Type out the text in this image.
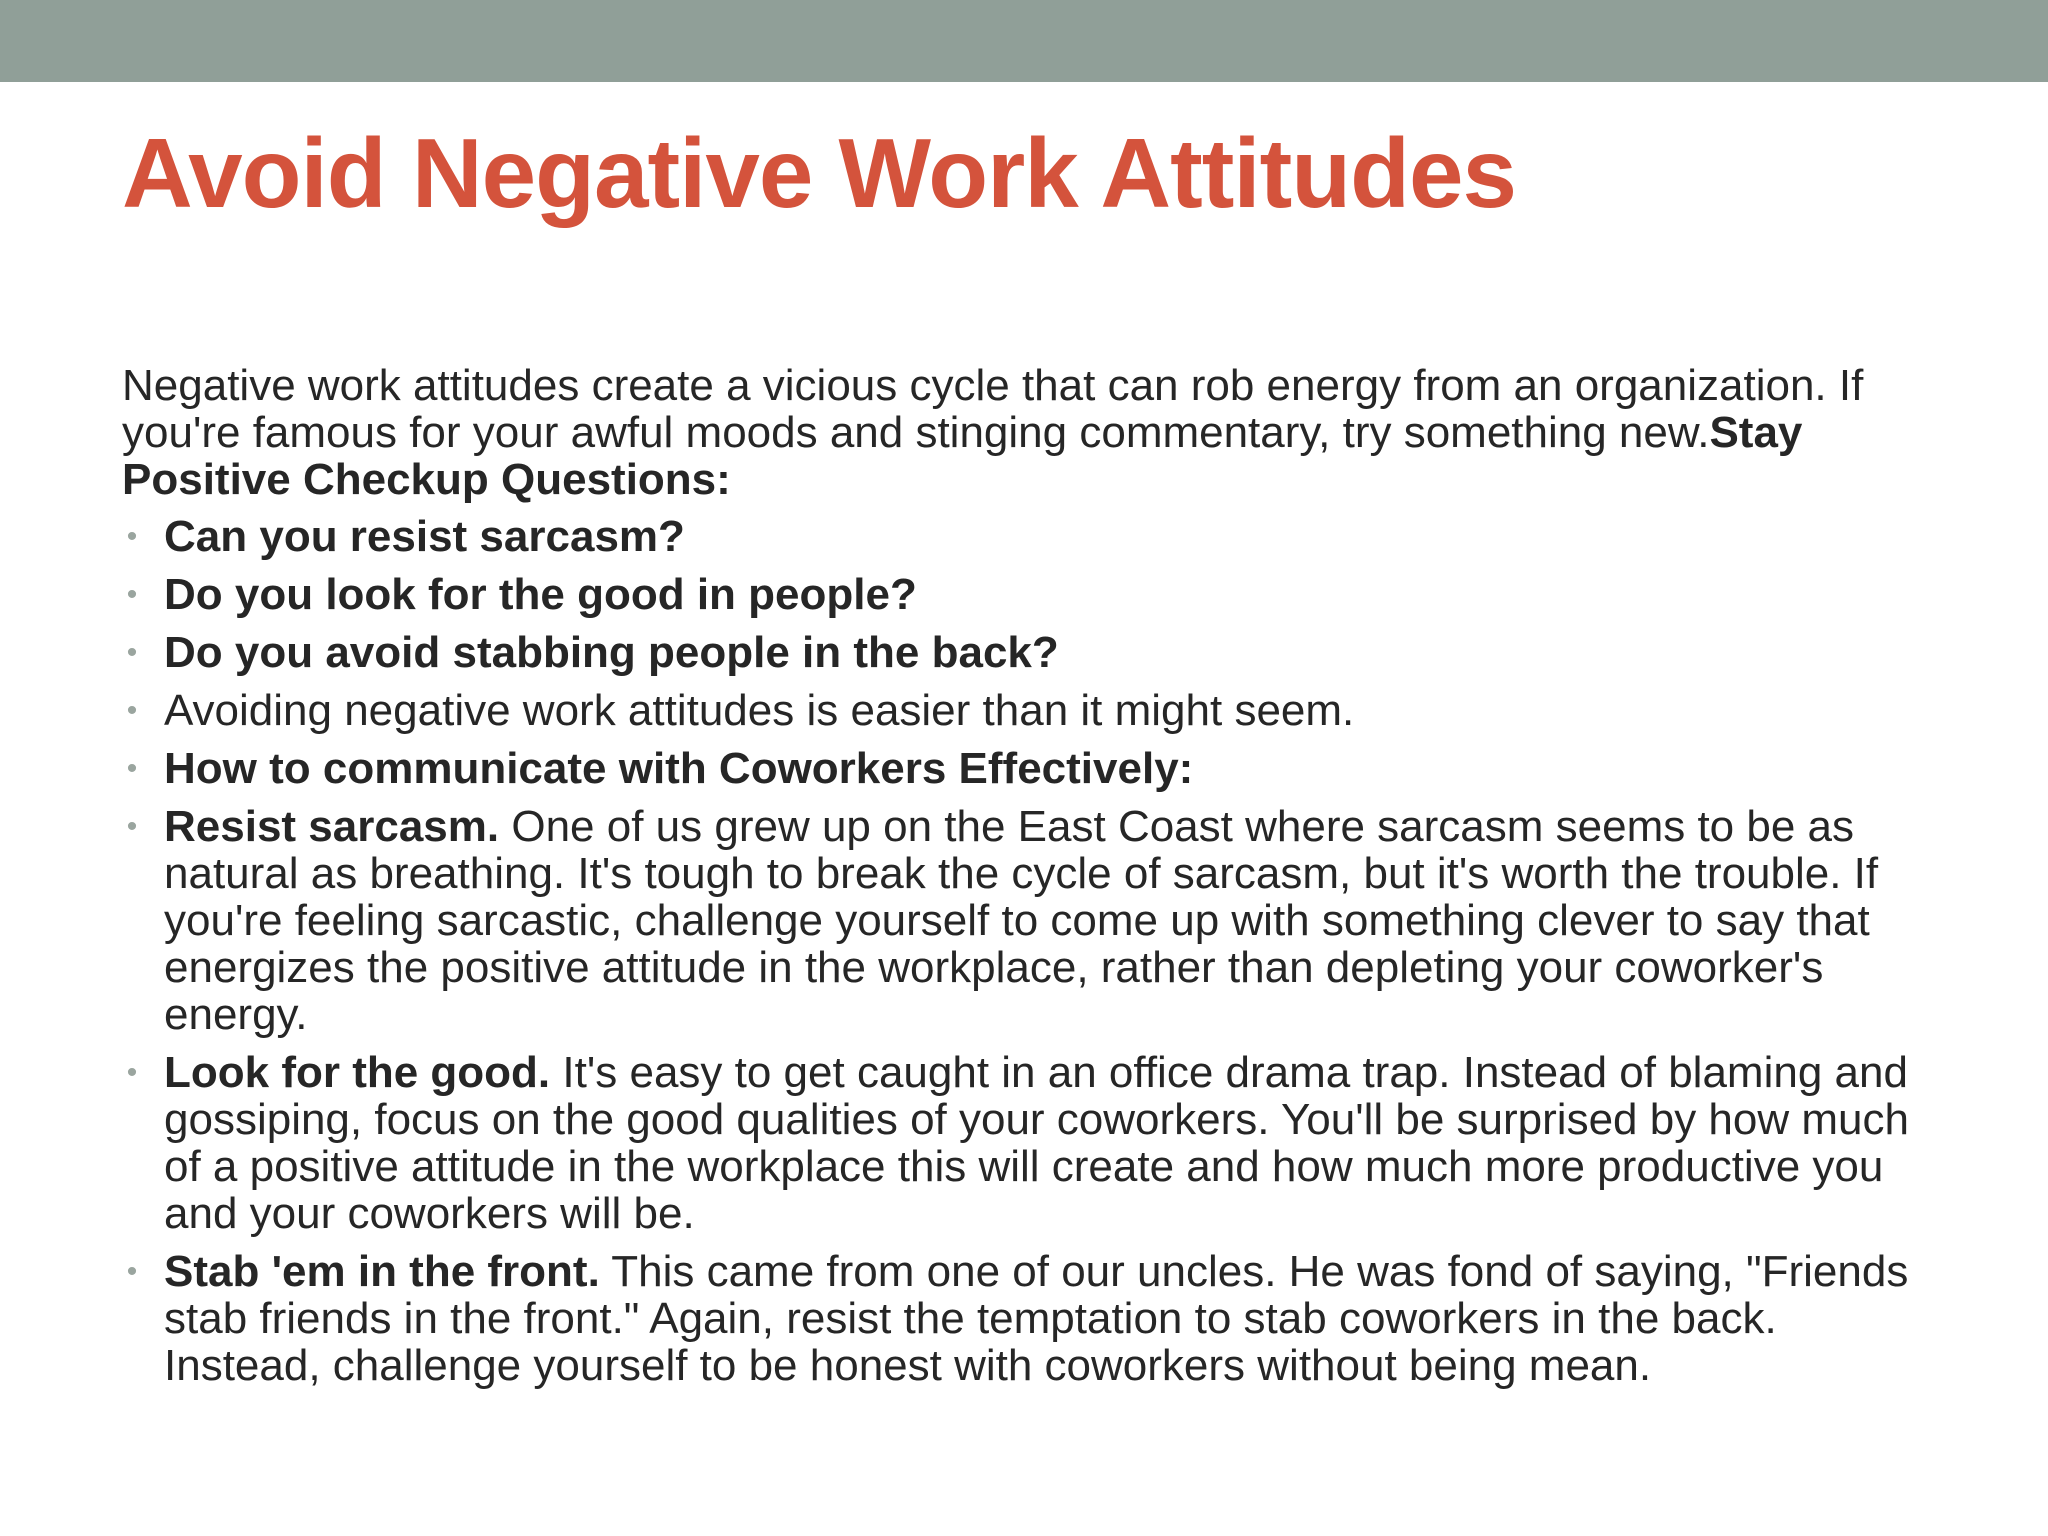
Avoid Negative Work Attitudes

Negative work attitudes create a vicious cycle that can rob energy from an organization. If you're famous for your awful moods and stinging commentary, try something new.Stay Positive Checkup Questions:

• Can you resist sarcasm?
• Do you look for the good in people?
• Do you avoid stabbing people in the back?
• Avoiding negative work attitudes is easier than it might seem.
• How to communicate with Coworkers Effectively:
• Resist sarcasm. One of us grew up on the East Coast where sarcasm seems to be as natural as breathing. It's tough to break the cycle of sarcasm, but it's worth the trouble. If you're feeling sarcastic, challenge yourself to come up with something clever to say that energizes the positive attitude in the workplace, rather than depleting your coworker's energy.
• Look for the good. It's easy to get caught in an office drama trap. Instead of blaming and gossiping, focus on the good qualities of your coworkers. You'll be surprised by how much of a positive attitude in the workplace this will create and how much more productive you and your coworkers will be.
• Stab 'em in the front. This came from one of our uncles. He was fond of saying, "Friends stab friends in the front." Again, resist the temptation to stab coworkers in the back. Instead, challenge yourself to be honest with coworkers without being mean.
